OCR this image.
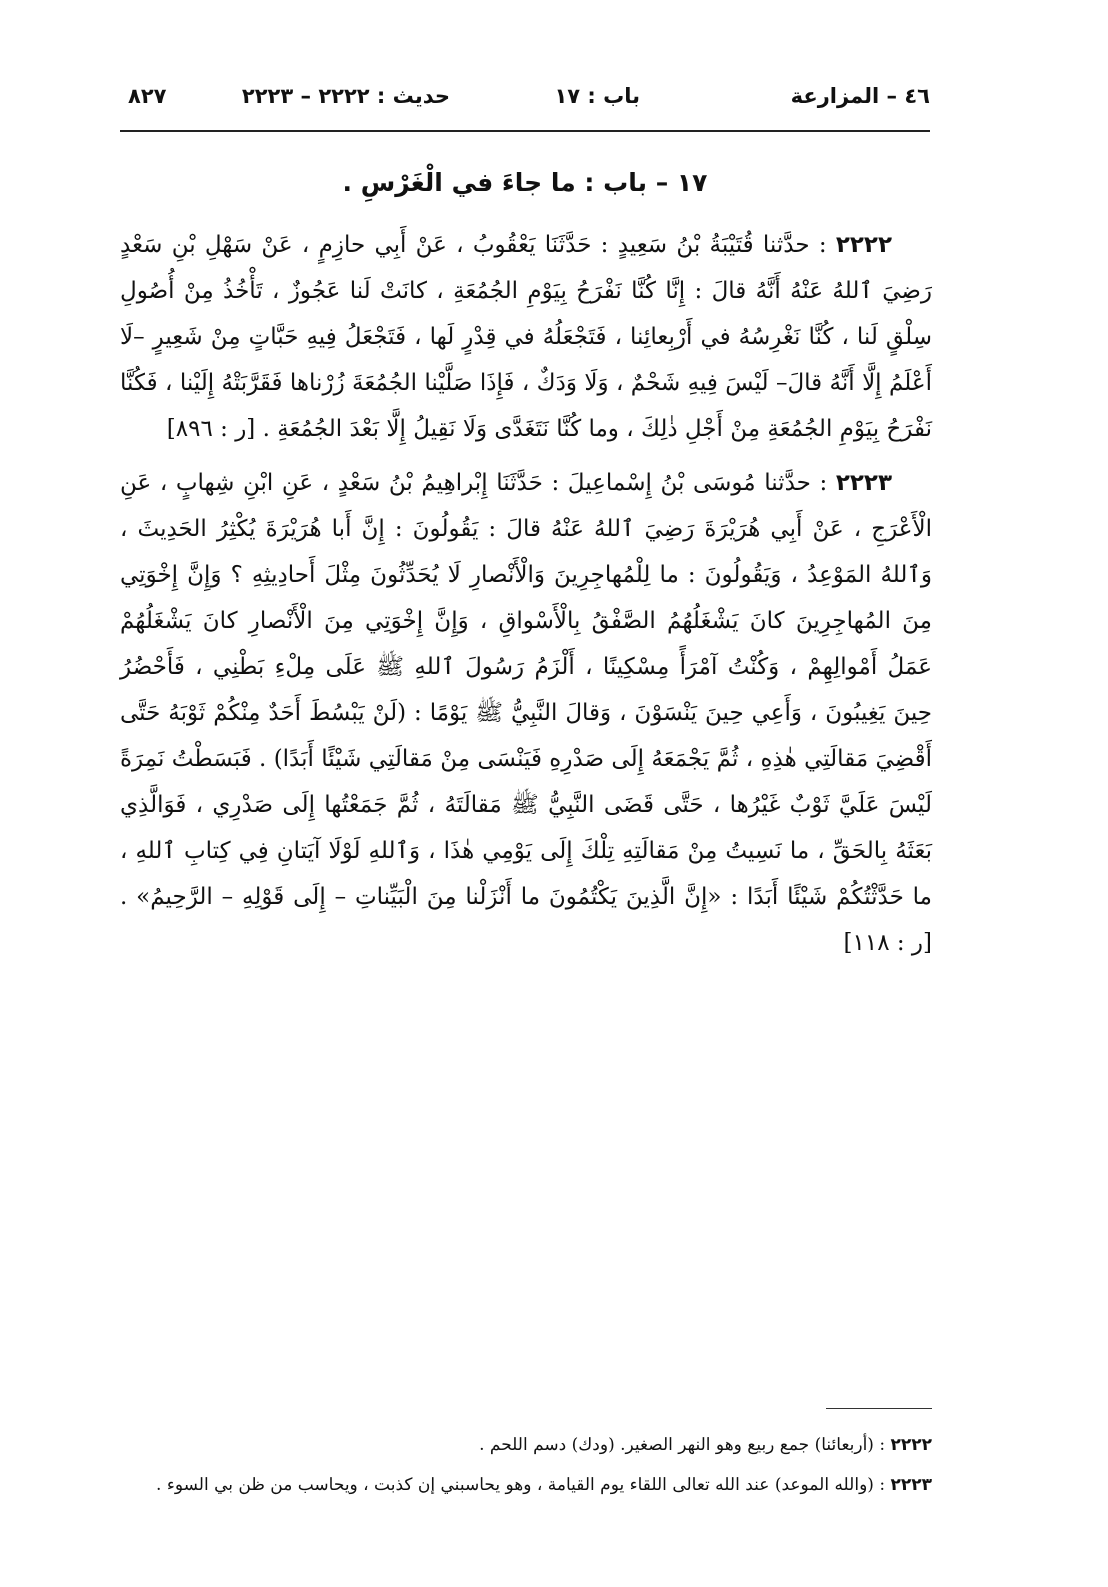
٤٦ – المزارعة
باب : ١٧
حديث : ٢٢٢٢ – ٢٢٢٣
٨٢٧
١٧ – باب : ما جاءَ في الْغَرْسِ .

٢٢٢٢ : حدَّثنا قُتَيْبَةُ بْنُ سَعِيدٍ : حَدَّثَنَا يَعْقُوبُ ، عَنْ أَبِي حازِمٍ ، عَنْ سَهْلِ بْنِ سَعْدٍ رَضِيَ ٱللهُ عَنْهُ أَنَّهُ قالَ : إِنَّا كُنَّا نَفْرَحُ بِيَوْمِ الجُمُعَةِ ، كانَتْ لَنا عَجُوزٌ ، تَأْخُذُ مِنْ أُصُولِ سِلْقٍ لَنا ، كُنَّا نَغْرِسُهُ في أَرْبِعائِنا ، فَتَجْعَلُهُ في قِدْرٍ لَها ، فَتَجْعَلُ فِيهِ حَبَّاتٍ مِنْ شَعِيرٍ –لَا أَعْلَمُ إِلَّا أَنَّهُ قالَ– لَيْسَ فِيهِ شَحْمٌ ، وَلَا وَدَكٌ ، فَإِذَا صَلَّيْنا الجُمُعَةَ زُرْناها فَقَرَّبَتْهُ إِلَيْنا ، فَكُنَّا نَفْرَحُ بِيَوْمِ الجُمُعَةِ مِنْ أَجْلِ ذٰلِكَ ، وما كُنَّا نَتَغَدَّى وَلَا نَقِيلُ إِلَّا بَعْدَ الجُمُعَةِ . [ر : ٨٩٦]

٢٢٢٣ : حدَّثنا مُوسَى بْنُ إِسْماعِيلَ : حَدَّثَنَا إِبْراهِيمُ بْنُ سَعْدٍ ، عَنِ ابْنِ شِهابٍ ، عَنِ الْأَعْرَجِ ، عَنْ أَبِي هُرَيْرَةَ رَضِيَ ٱللهُ عَنْهُ قالَ : يَقُولُونَ : إِنَّ أَبا هُرَيْرَةَ يُكْثِرُ الحَدِيثَ ، وَٱللهُ المَوْعِدُ ، وَيَقُولُونَ : ما لِلْمُهاجِرِينَ وَالْأَنْصارِ لَا يُحَدِّثُونَ مِثْلَ أَحادِيثِهِ ؟ وَإِنَّ إِخْوَتِي مِنَ المُهاجِرِينَ كانَ يَشْغَلُهُمُ الصَّفْقُ بِالْأَسْواقِ ، وَإِنَّ إِخْوَتِي مِنَ الْأَنْصارِ كانَ يَشْغَلُهُمْ عَمَلُ أَمْوالِهِمْ ، وَكُنْتُ آمْرَأً مِسْكِينًا ، أَلْزَمُ رَسُولَ ٱللهِ ﷺ عَلَى مِلْءِ بَطْنِي ، فَأَحْضُرُ حِينَ يَغِيبُونَ ، وَأَعِي حِينَ يَنْسَوْنَ ، وَقالَ النَّبِيُّ ﷺ يَوْمًا : (لَنْ يَبْسُطَ أَحَدٌ مِنْكُمْ ثَوْبَهُ حَتَّى أَقْضِيَ مَقالَتِي هٰذِهِ ، ثُمَّ يَجْمَعَهُ إِلَى صَدْرِهِ فَيَنْسَى مِنْ مَقالَتِي شَيْئًا أَبَدًا) . فَبَسَطْتُ نَمِرَةً لَيْسَ عَلَيَّ ثَوْبٌ غَيْرُها ، حَتَّى قَضَى النَّبِيُّ ﷺ مَقالَتَهُ ، ثُمَّ جَمَعْتُها إِلَى صَدْرِي ، فَوَالَّذِي بَعَثَهُ بِالحَقِّ ، ما نَسِيتُ مِنْ مَقالَتِهِ تِلْكَ إِلَى يَوْمِي هٰذَا ، وَٱللهِ لَوْلَا آيَتانِ فِي كِتابِ ٱللهِ ، ما حَدَّثْتُكُمْ شَيْئًا أَبَدًا : «إِنَّ الَّذِينَ يَكْتُمُونَ ما أَنْزَلْنا مِنَ الْبَيِّناتِ – إِلَى قَوْلِهِ – الرَّحِيمُ» . [ر : ١١٨]

٢٢٢٢ : (أربعائنا) جمع ربيع وهو النهر الصغير. (ودك) دسم اللحم .

٢٢٢٣ : (والله الموعد) عند الله تعالى اللقاء يوم القيامة ، وهو يحاسبني إن كذبت ، ويحاسب من ظن بي السوء .
